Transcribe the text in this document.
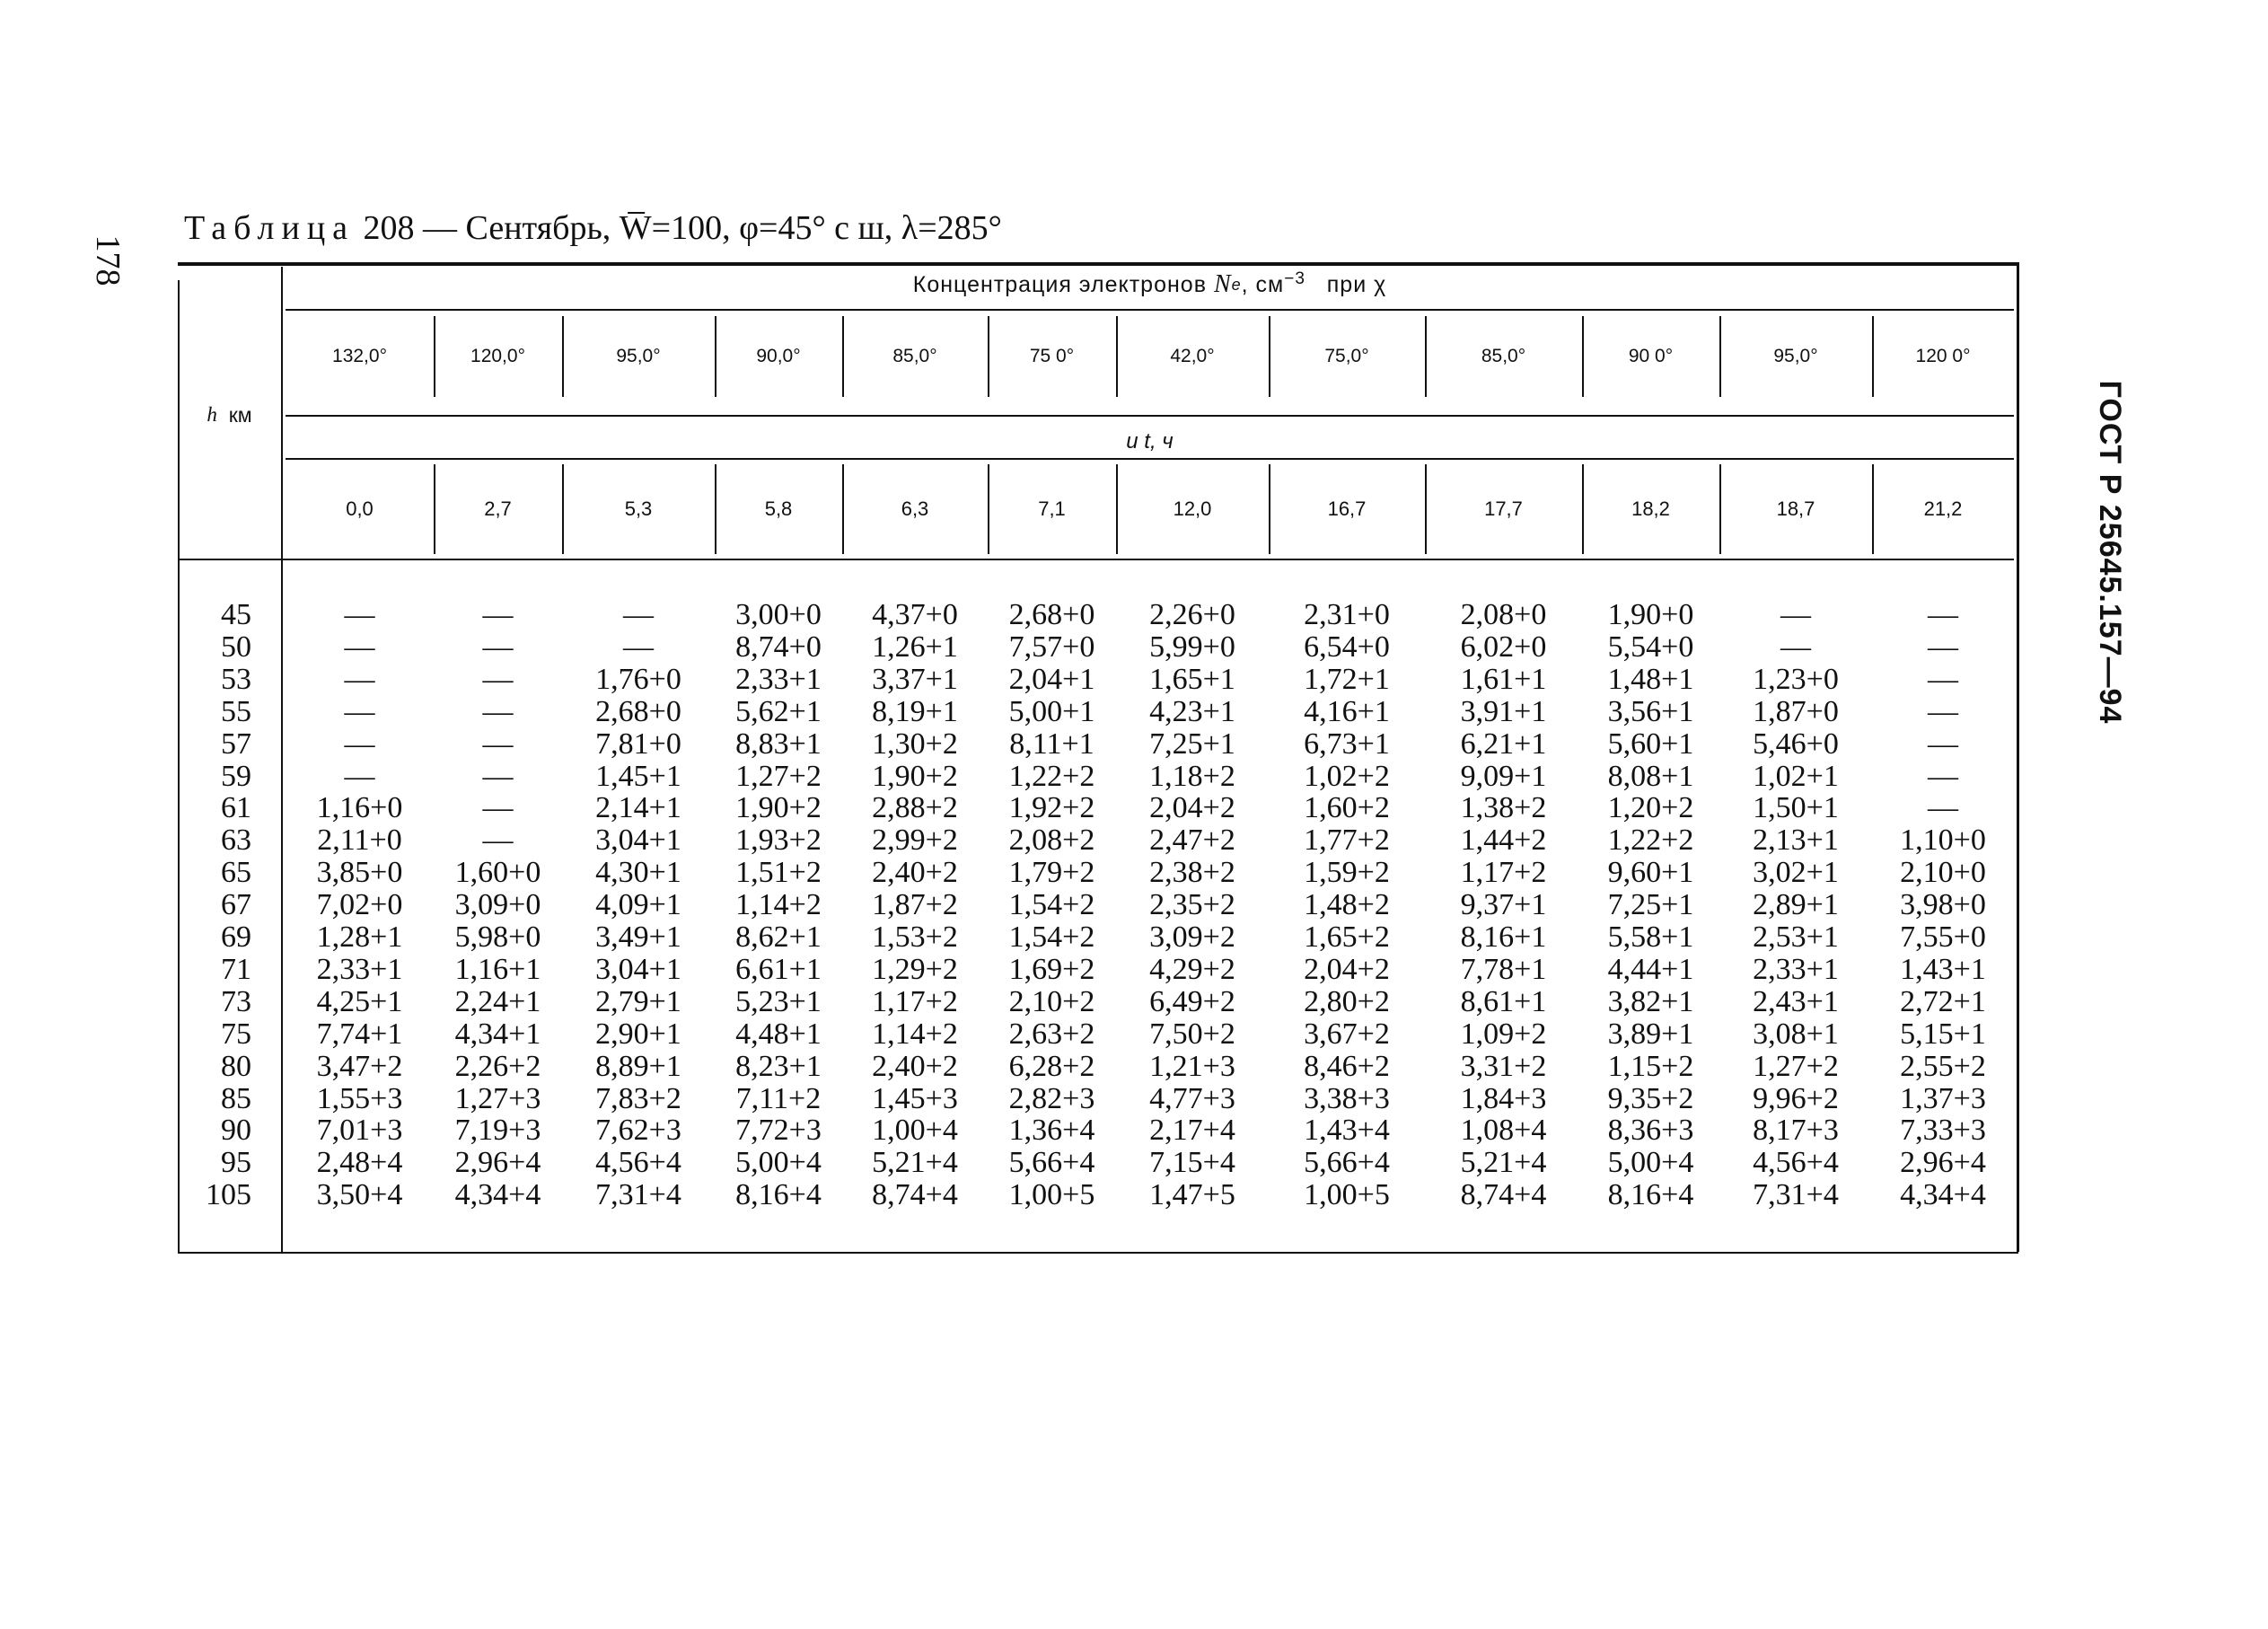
178
ГОСТ Р 25645.157—94
Таблица 208 — Сентябрь, W̅=100, φ=45° с ш, λ=285°
h
км
Концентрация электронов
N e , $см^{-3}$
при χ
и t, ч
132,0°	120,0°	95,0°	90,0°	85,0°	75 0°	42,0°	75,0°	85,0°	90 0°	95,0°	120 0°
0,0	2,7	5,3	5,8	6,3	7,1	12,0	16,7	17,7	18,2	18,7	21,2
45	—	—	—	3,00+0	4,37+0	2,68+0	2,26+0	2,31+0	2,08+0	1,90+0	—	—
50	—	—	—	8,74+0	1,26+1	7,57+0	5,99+0	6,54+0	6,02+0	5,54+0	—	—
53	—	—	1,76+0	2,33+1	3,37+1	2,04+1	1,65+1	1,72+1	1,61+1	1,48+1	1,23+0	—
55	—	—	2,68+0	5,62+1	8,19+1	5,00+1	4,23+1	4,16+1	3,91+1	3,56+1	1,87+0	—
57	—	—	7,81+0	8,83+1	1,30+2	8,11+1	7,25+1	6,73+1	6,21+1	5,60+1	5,46+0	—
59	—	—	1,45+1	1,27+2	1,90+2	1,22+2	1,18+2	1,02+2	9,09+1	8,08+1	1,02+1	—
61	1,16+0	—	2,14+1	1,90+2	2,88+2	1,92+2	2,04+2	1,60+2	1,38+2	1,20+2	1,50+1	—
63	2,11+0	—	3,04+1	1,93+2	2,99+2	2,08+2	2,47+2	1,77+2	1,44+2	1,22+2	2,13+1	1,10+0
65	3,85+0	1,60+0	4,30+1	1,51+2	2,40+2	1,79+2	2,38+2	1,59+2	1,17+2	9,60+1	3,02+1	2,10+0
67	7,02+0	3,09+0	4,09+1	1,14+2	1,87+2	1,54+2	2,35+2	1,48+2	9,37+1	7,25+1	2,89+1	3,98+0
69	1,28+1	5,98+0	3,49+1	8,62+1	1,53+2	1,54+2	3,09+2	1,65+2	8,16+1	5,58+1	2,53+1	7,55+0
71	2,33+1	1,16+1	3,04+1	6,61+1	1,29+2	1,69+2	4,29+2	2,04+2	7,78+1	4,44+1	2,33+1	1,43+1
73	4,25+1	2,24+1	2,79+1	5,23+1	1,17+2	2,10+2	6,49+2	2,80+2	8,61+1	3,82+1	2,43+1	2,72+1
75	7,74+1	4,34+1	2,90+1	4,48+1	1,14+2	2,63+2	7,50+2	3,67+2	1,09+2	3,89+1	3,08+1	5,15+1
80	3,47+2	2,26+2	8,89+1	8,23+1	2,40+2	6,28+2	1,21+3	8,46+2	3,31+2	1,15+2	1,27+2	2,55+2
85	1,55+3	1,27+3	7,83+2	7,11+2	1,45+3	2,82+3	4,77+3	3,38+3	1,84+3	9,35+2	9,96+2	1,37+3
90	7,01+3	7,19+3	7,62+3	7,72+3	1,00+4	1,36+4	2,17+4	1,43+4	1,08+4	8,36+3	8,17+3	7,33+3
95	2,48+4	2,96+4	4,56+4	5,00+4	5,21+4	5,66+4	7,15+4	5,66+4	5,21+4	5,00+4	4,56+4	2,96+4
105	3,50+4	4,34+4	7,31+4	8,16+4	8,74+4	1,00+5	1,47+5	1,00+5	8,74+4	8,16+4	7,31+4	4,34+4
